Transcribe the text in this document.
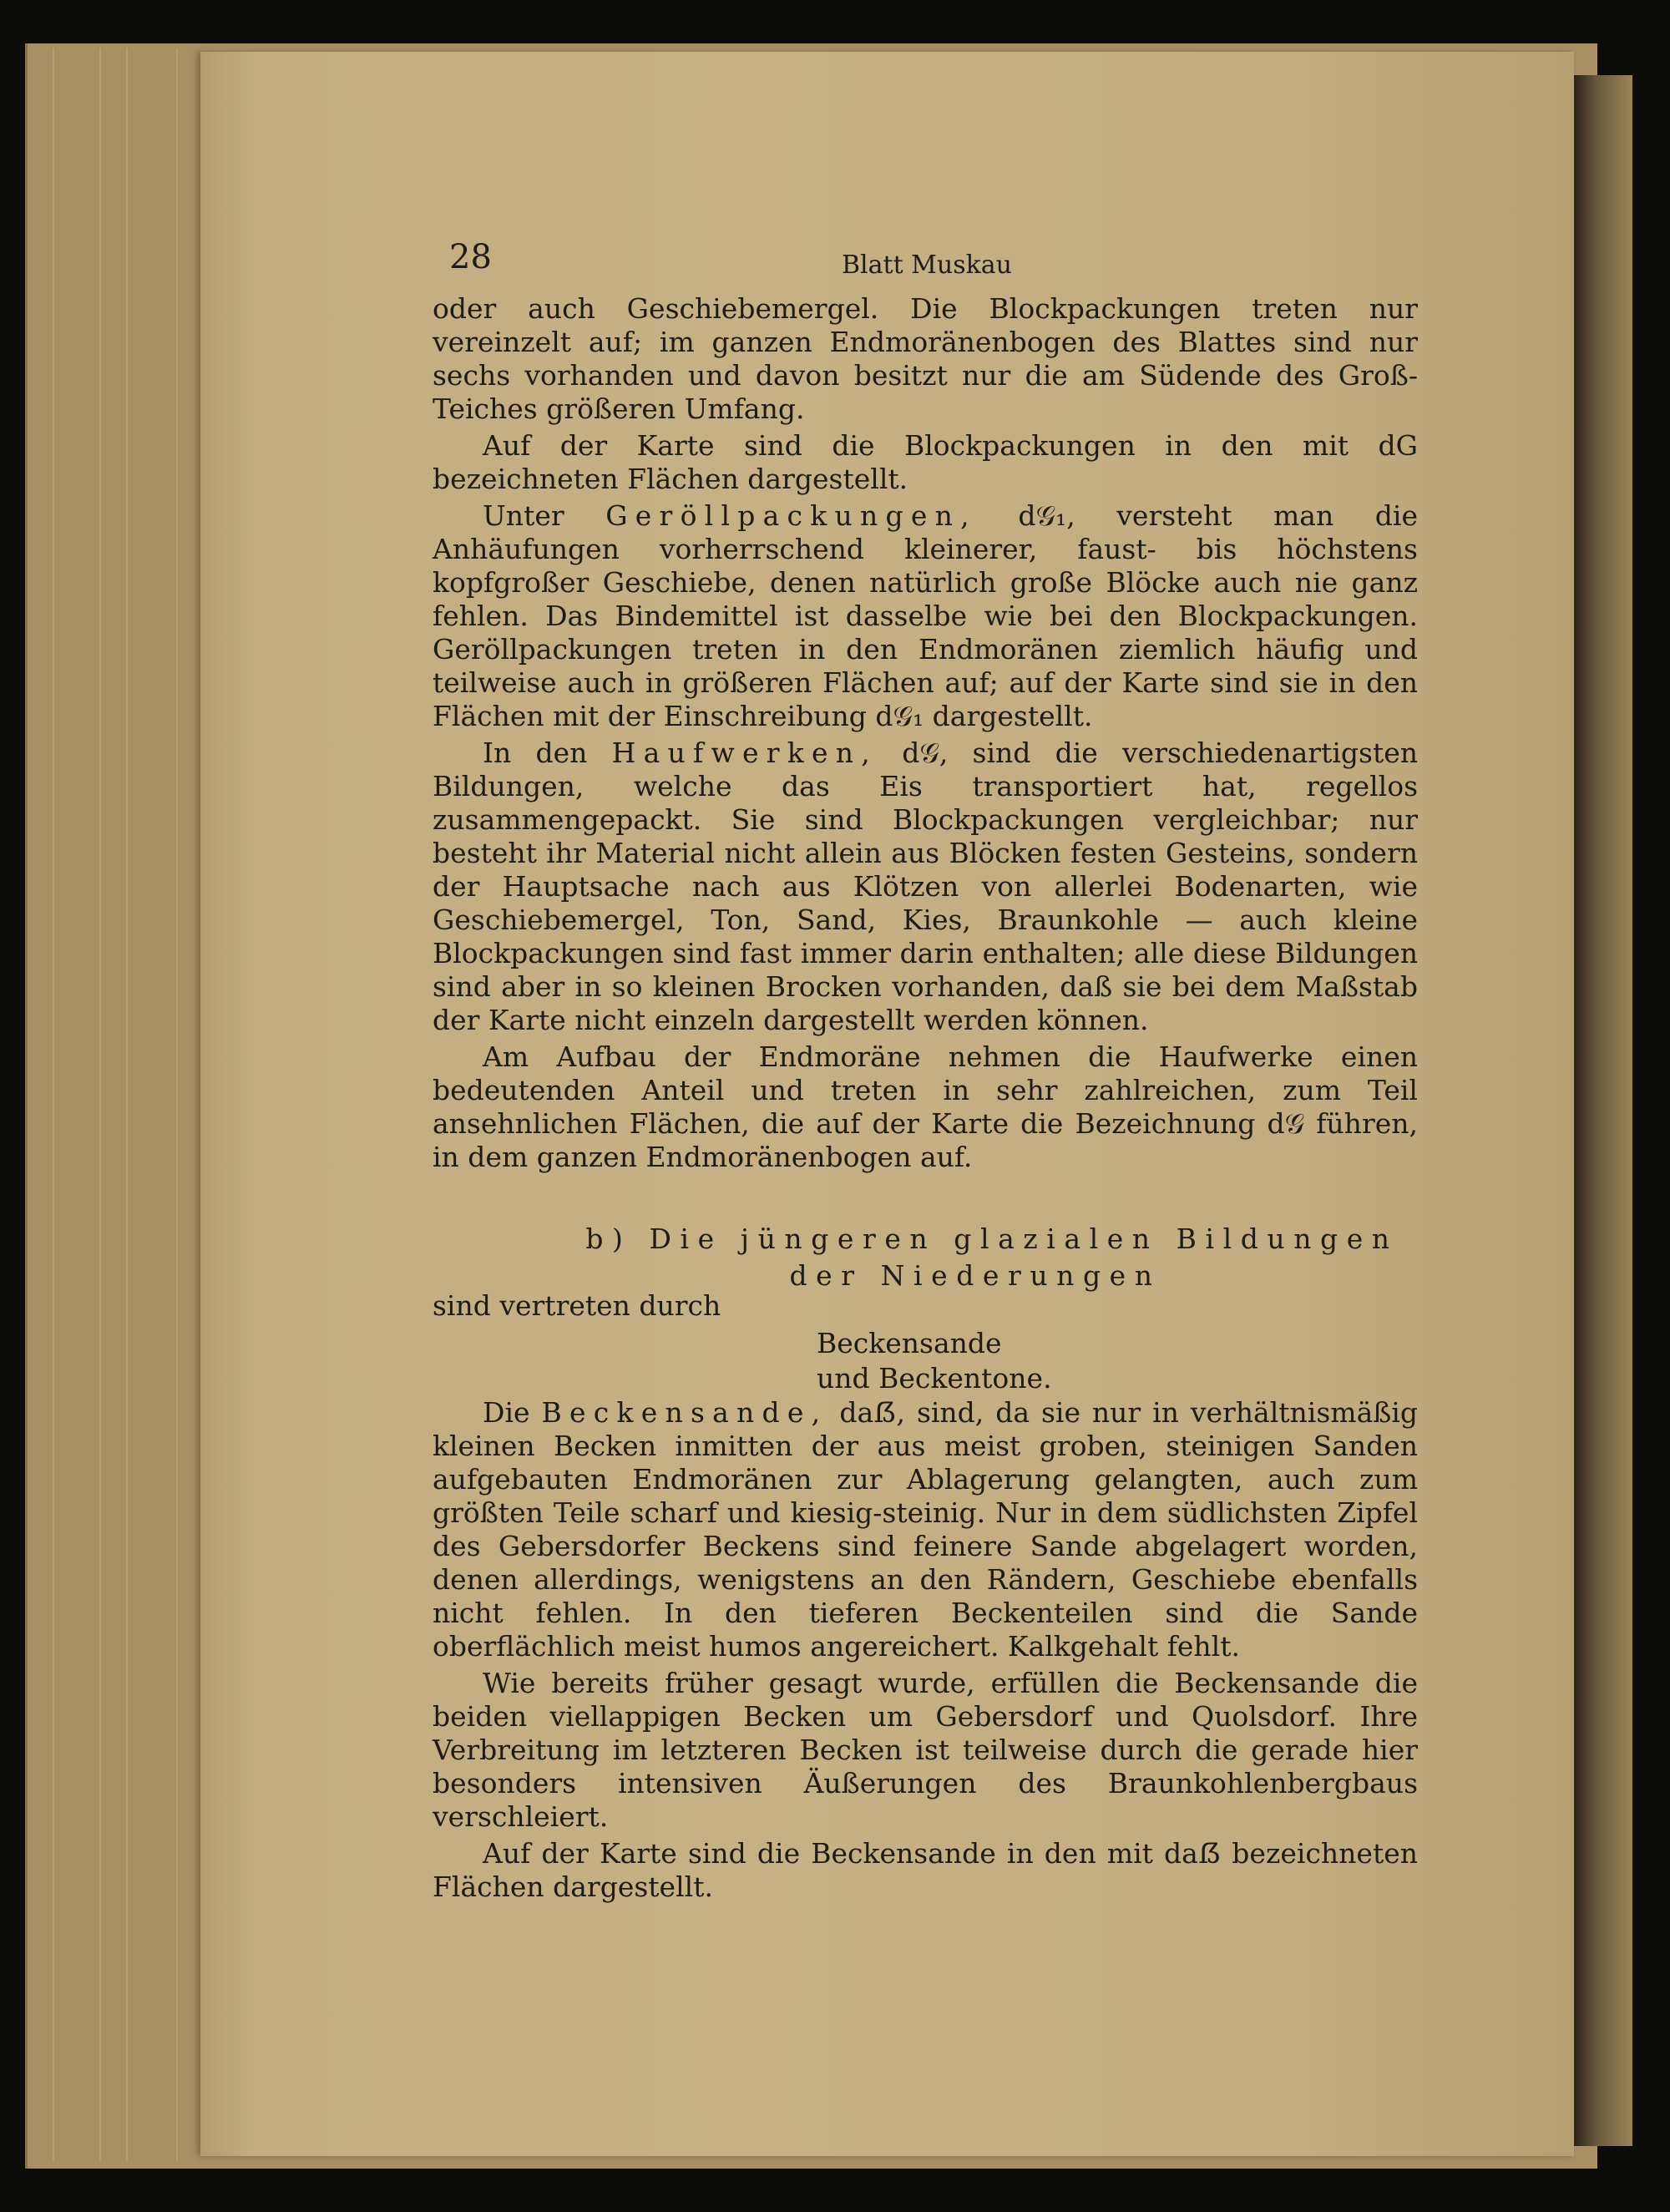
28	Blatt Muskau

oder auch Geschiebemergel. Die Blockpackungen treten nur vereinzelt auf; im ganzen Endmoränenbogen des Blattes sind nur sechs vorhanden und davon besitzt nur die am Südende des Groß-Teiches größeren Umfang.

Auf der Karte sind die Blockpackungen in den mit dG bezeichneten Flächen dargestellt.

Unter Geröllpackungen, d𝒢₁, versteht man die Anhäufungen vorherrschend kleinerer, faust- bis höchstens kopfgroßer Geschiebe, denen natürlich große Blöcke auch nie ganz fehlen. Das Bindemittel ist dasselbe wie bei den Blockpackungen. Geröllpackungen treten in den Endmoränen ziemlich häufig und teilweise auch in größeren Flächen auf; auf der Karte sind sie in den Flächen mit der Einschreibung d𝒢₁ dargestellt.

In den Haufwerken, d𝒢, sind die verschiedenartigsten Bildungen, welche das Eis transportiert hat, regellos zusammengepackt. Sie sind Blockpackungen vergleichbar; nur besteht ihr Material nicht allein aus Blöcken festen Gesteins, sondern der Hauptsache nach aus Klötzen von allerlei Bodenarten, wie Geschiebemergel, Ton, Sand, Kies, Braunkohle — auch kleine Blockpackungen sind fast immer darin enthalten; alle diese Bildungen sind aber in so kleinen Brocken vorhanden, daß sie bei dem Maßstab der Karte nicht einzeln dargestellt werden können.

Am Aufbau der Endmoräne nehmen die Haufwerke einen bedeutenden Anteil und treten in sehr zahlreichen, zum Teil ansehnlichen Flächen, die auf der Karte die Bezeichnung d𝒢 führen, in dem ganzen Endmoränenbogen auf.

b) Die jüngeren glazialen Bildungen
der Niederungen
sind vertreten durch
Beckensande
und Beckentone.

Die Beckensande, daẞ, sind, da sie nur in verhältnismäßig kleinen Becken inmitten der aus meist groben, steinigen Sanden aufgebauten Endmoränen zur Ablagerung gelangten, auch zum größten Teile scharf und kiesig-steinig. Nur in dem südlichsten Zipfel des Gebersdorfer Beckens sind feinere Sande abgelagert worden, denen allerdings, wenigstens an den Rändern, Geschiebe ebenfalls nicht fehlen. In den tieferen Beckenteilen sind die Sande oberflächlich meist humos angereichert. Kalkgehalt fehlt.

Wie bereits früher gesagt wurde, erfüllen die Beckensande die beiden viellappigen Becken um Gebersdorf und Quolsdorf. Ihre Verbreitung im letzteren Becken ist teilweise durch die gerade hier besonders intensiven Äußerungen des Braunkohlenbergbaus verschleiert.

Auf der Karte sind die Beckensande in den mit daẞ bezeichneten Flächen dargestellt.
